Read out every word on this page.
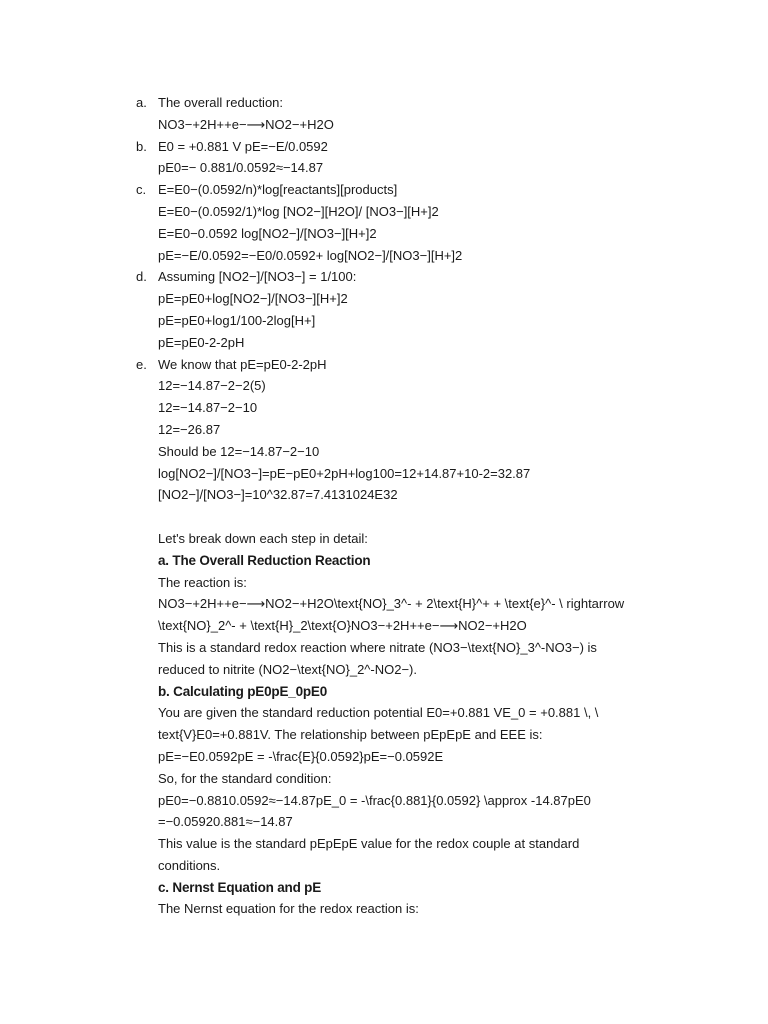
a. The overall reduction:
NO3−+2H++e−⟶NO2−+H2O
b. E0 = +0.881 V pE=−E/0.0592
pE0=− 0.881/0.0592≈−14.87
c. E=E0−(0.0592/n)*log[reactants][products]
E=E0−(0.0592/1)*log [NO2−][H2O]/ [NO3−][H+]2
E=E0−0.0592 log[NO2−]/[NO3−][H+]2
pE=−E/0.0592=−E0/0.0592+ log[NO2−]/[NO3−][H+]2
d. Assuming [NO2−]/[NO3−] = 1/100:
pE=pE0+log[NO2−]/[NO3−][H+]2
pE=pE0+log1/100-2log[H+]
pE=pE0-2-2pH
e. We know that pE=pE0-2-2pH
12=−14.87−2−2(5)
12=−14.87−2−10
12=−26.87
Should be 12=−14.87−2−10
log[NO2−]/[NO3−]=pE−pE0+2pH+log100=12+14.87+10-2=32.87
[NO2−]/[NO3−]=10^32.87=7.4131024E32
Let's break down each step in detail:
a. The Overall Reduction Reaction
The reaction is:
NO3−+2H++e−⟶NO2−+H2O\text{NO}_3^- + 2\text{H}^+ + \text{e}^- \ rightarrow \text{NO}_2^- + \text{H}_2\text{O}NO3−+2H++e−⟶NO2−+H2O
This is a standard redox reaction where nitrate (NO3−\text{NO}_3^-NO3−) is reduced to nitrite (NO2−\text{NO}_2^-NO2−).
b. Calculating pE0pE_0pE0
You are given the standard reduction potential E0=+0.881 VE_0 = +0.881 \, \ text{V}E0=+0.881V. The relationship between pEpEpE and EEE is:
pE=−E0.0592pE = -\frac{E}{0.0592}pE=−0.0592E
So, for the standard condition:
pE0=−0.8810.0592≈−14.87pE_0 = -\frac{0.881}{0.0592} \approx -14.87pE0 =−0.05920.881≈−14.87
This value is the standard pEpEpE value for the redox couple at standard conditions.
c. Nernst Equation and pE
The Nernst equation for the redox reaction is:
